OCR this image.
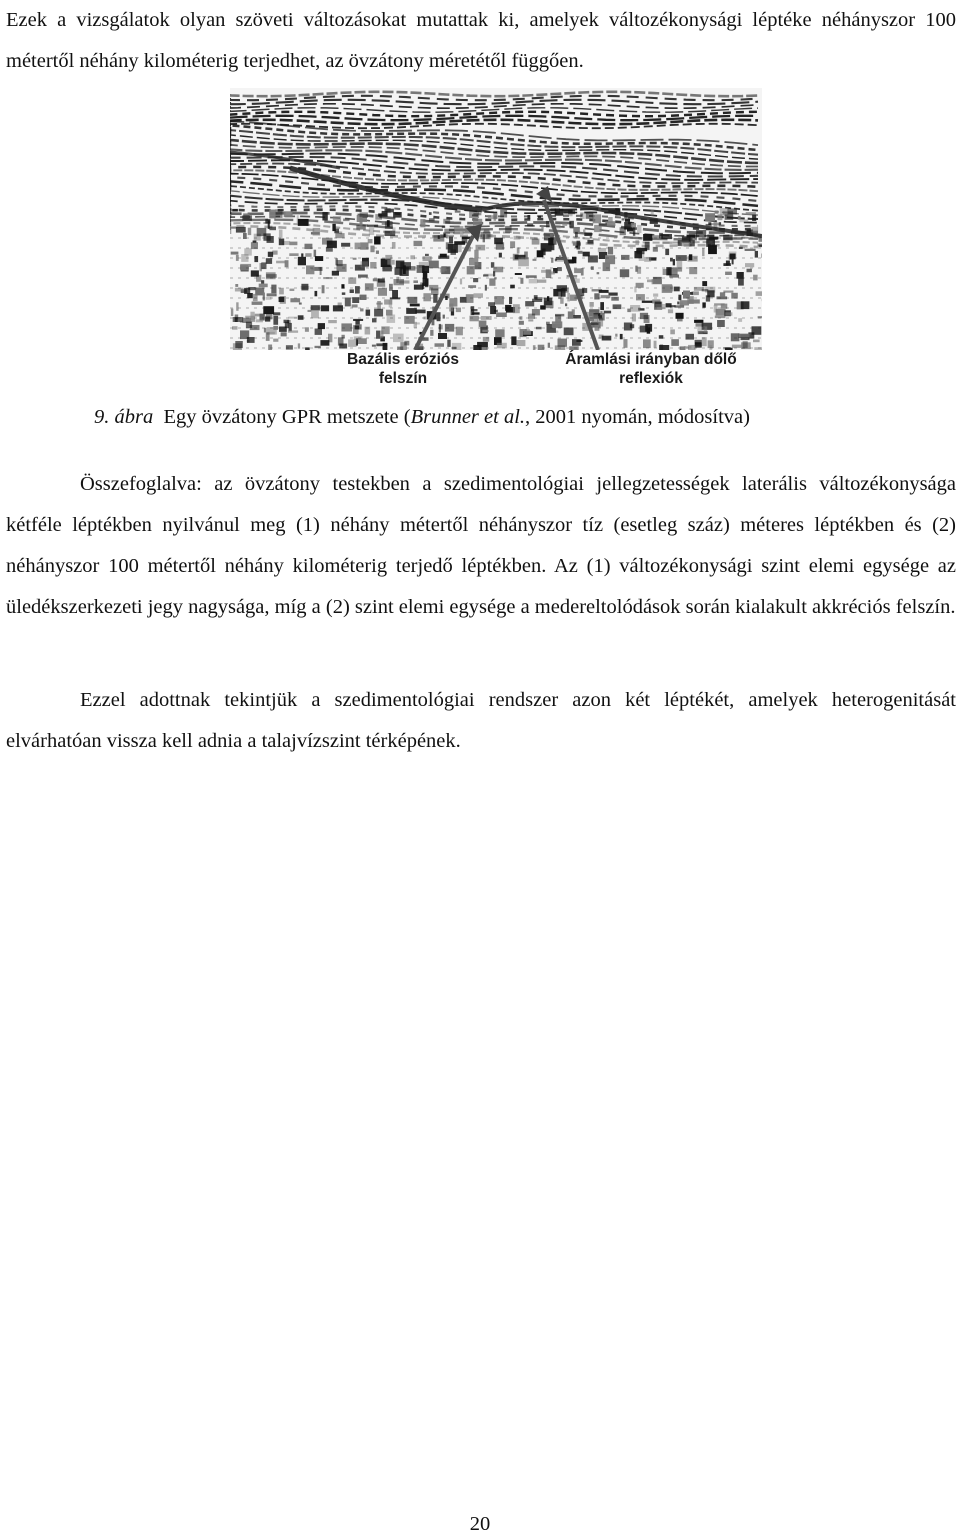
Ezek a vizsgálatok olyan szöveti változásokat mutattak ki, amelyek változékonysági léptéke néhányszor 100 métertől néhány kilométerig terjedhet, az övzátony méretétől függően.

Bazális eróziós
felszín
Áramlási irányban dőlő
reflexiók
9. ábra Egy övzátony GPR metszete (Brunner et al., 2001 nyomán, módosítva)

Összefoglalva: az övzátony testekben a szedimentológiai jellegzetességek laterális változékonysága kétféle léptékben nyilvánul meg (1) néhány métertől néhányszor tíz (esetleg száz) méteres léptékben és (2) néhányszor 100 métertől néhány kilométerig terjedő léptékben. Az (1) változékonysági szint elemi egysége az üledékszerkezeti jegy nagysága, míg a (2) szint elemi egysége a medereltolódások során kialakult akkréciós felszín.

Ezzel adottnak tekintjük a szedimentológiai rendszer azon két léptékét, amelyek heterogenitását elvárhatóan vissza kell adnia a talajvízszint térképének.

20
